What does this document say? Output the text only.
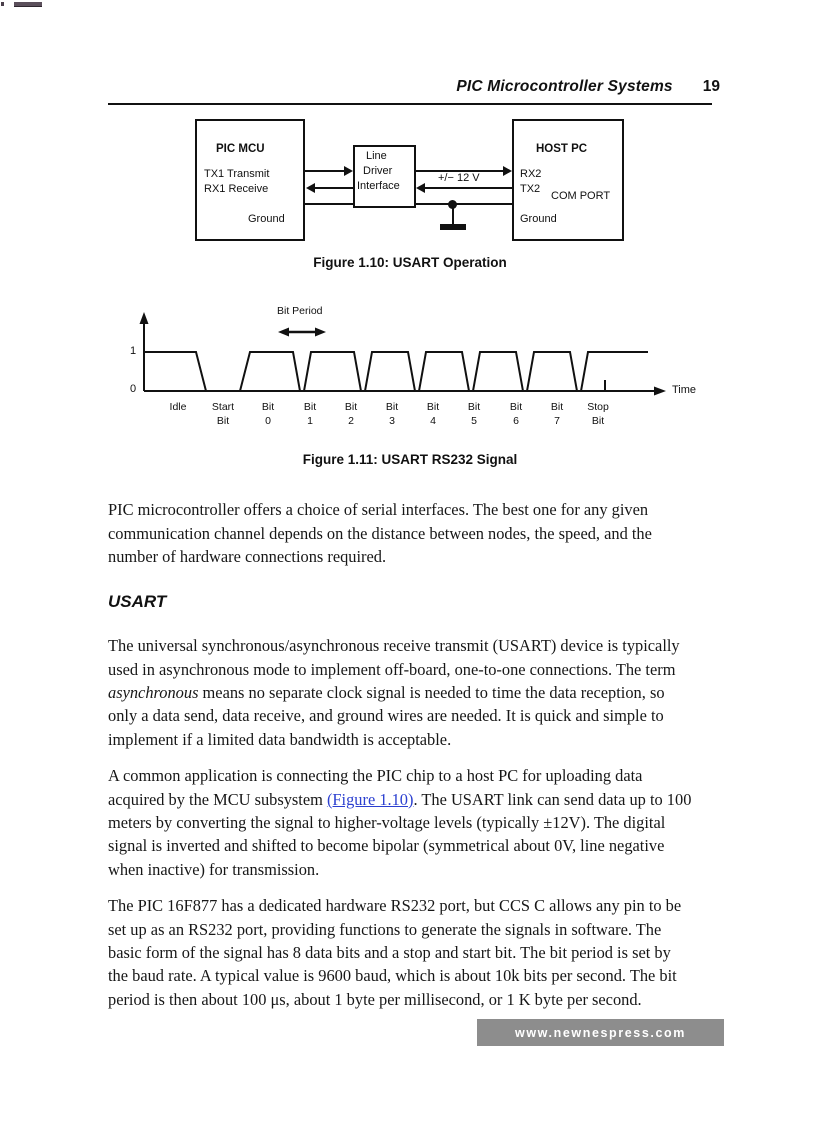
PIC Microcontroller Systems 19
PIC MCU
TX1 Transmit
RX1 Receive
Ground
Line
Driver
Interface
HOST PC
RX2
TX2
COM PORT
Ground
+/− 12 V
Figure 1.10: USART Operation
Bit Period
1
0	Time
Idle	Start
Bit
Bit
0
Bit
1
Bit
2
Bit
3
Bit
4
Bit
5
Bit
6
Bit
7
Stop
Bit
Figure 1.11: USART RS232 Signal

PIC microcontroller offers a choice of serial interfaces. The best one for any given communication channel depends on the distance between nodes, the speed, and the number of hardware connections required.

USART

The universal synchronous/asynchronous receive transmit (USART) device is typically used in asynchronous mode to implement off-board, one-to-one connections. The term asynchronous means no separate clock signal is needed to time the data reception, so only a data send, data receive, and ground wires are needed. It is quick and simple to implement if a limited data bandwidth is acceptable.

A common application is connecting the PIC chip to a host PC for uploading data acquired by the MCU subsystem (Figure 1.10). The USART link can send data up to 100 meters by converting the signal to higher-voltage levels (typically ±12V). The digital signal is inverted and shifted to become bipolar (symmetrical about 0V, line negative when inactive) for transmission.

The PIC 16F877 has a dedicated hardware RS232 port, but CCS C allows any pin to be set up as an RS232 port, providing functions to generate the signals in software. The basic form of the signal has 8 data bits and a stop and start bit. The bit period is set by the baud rate. A typical value is 9600 baud, which is about 10k bits per second. The bit period is then about 100 μs, about 1 byte per millisecond, or 1 K byte per second.

www.newnespress.com
